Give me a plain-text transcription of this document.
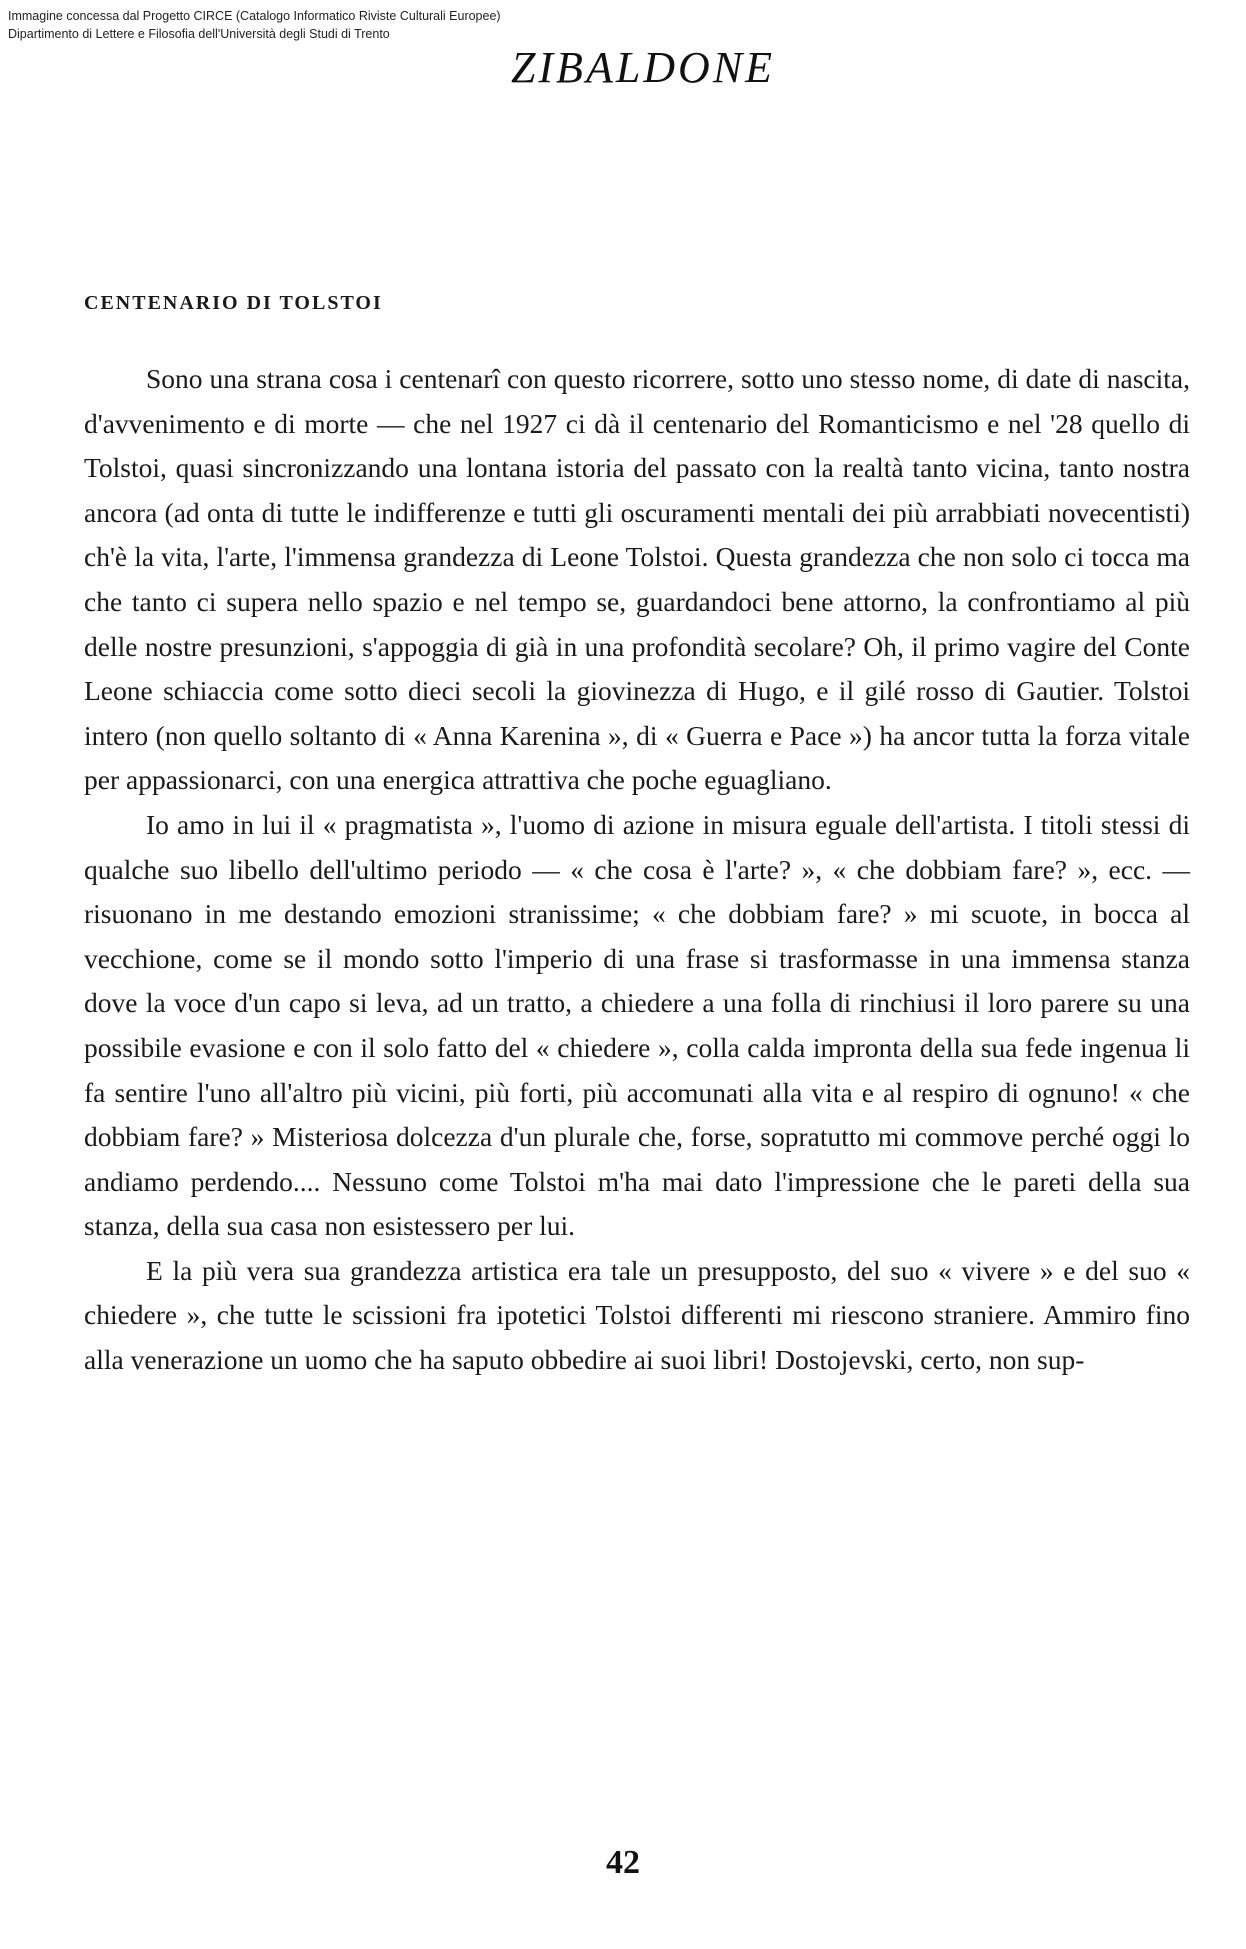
Immagine concessa dal Progetto CIRCE (Catalogo Informatico Riviste Culturali Europee)
Dipartimento di Lettere e Filosofia dell'Università degli Studi di Trento
ZIBALDONE
CENTENARIO DI TOLSTOI

Sono una strana cosa i centenarî con questo ricorrere, sotto uno stesso nome, di date di nascita, d'avvenimento e di morte — che nel 1927 ci dà il centenario del Romanticismo e nel '28 quello di Tolstoi, quasi sincronizzando una lontana istoria del passato con la realtà tanto vicina, tanto nostra ancora (ad onta di tutte le indifferenze e tutti gli oscuramenti mentali dei più arrabbiati novecentisti) ch'è la vita, l'arte, l'immensa grandezza di Leone Tolstoi. Questa grandezza che non solo ci tocca ma che tanto ci supera nello spazio e nel tempo se, guardandoci bene attorno, la confrontiamo al più delle nostre presunzioni, s'appoggia di già in una profondità secolare? Oh, il primo vagire del Conte Leone schiaccia come sotto dieci secoli la giovinezza di Hugo, e il gilé rosso di Gautier. Tolstoi intero (non quello soltanto di « Anna Karenina », di « Guerra e Pace ») ha ancor tutta la forza vitale per appassionarci, con una energica attrattiva che poche eguagliano.

Io amo in lui il « pragmatista », l'uomo di azione in misura eguale dell'artista. I titoli stessi di qualche suo libello dell'ultimo periodo — « che cosa è l'arte? », « che dobbiam fare? », ecc. — risuonano in me destando emozioni stranissime; « che dobbiam fare? » mi scuote, in bocca al vecchione, come se il mondo sotto l'imperio di una frase si trasformasse in una immensa stanza dove la voce d'un capo si leva, ad un tratto, a chiedere a una folla di rinchiusi il loro parere su una possibile evasione e con il solo fatto del « chiedere », colla calda impronta della sua fede ingenua li fa sentire l'uno all'altro più vicini, più forti, più accomunati alla vita e al respiro di ognuno! « che dobbiam fare? » Misteriosa dolcezza d'un plurale che, forse, sopratutto mi commove perché oggi lo andiamo perdendo.... Nessuno come Tolstoi m'ha mai dato l'impressione che le pareti della sua stanza, della sua casa non esistessero per lui.

E la più vera sua grandezza artistica era tale un presupposto, del suo « vivere » e del suo « chiedere », che tutte le scissioni fra ipotetici Tolstoi differenti mi riescono straniere. Ammiro fino alla venerazione un uomo che ha saputo obbedire ai suoi libri! Dostojevski, certo, non sup-

42
